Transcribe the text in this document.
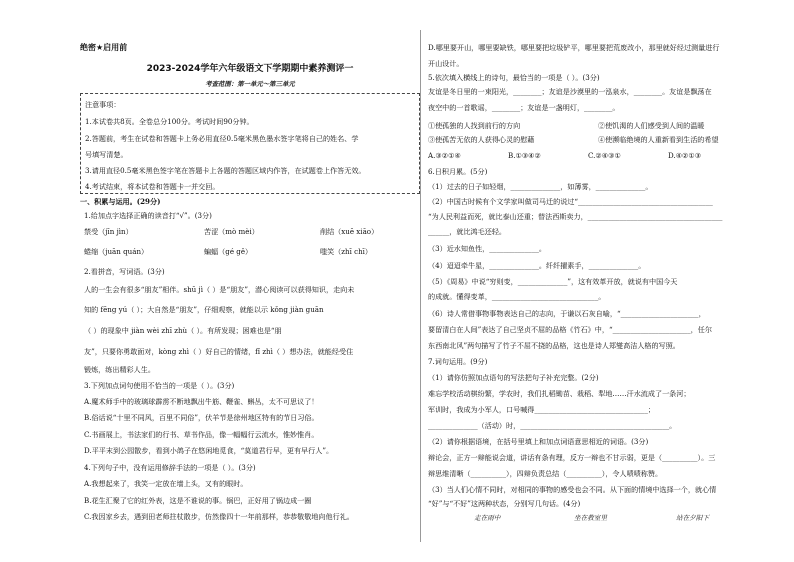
绝密★启用前
2023-2024学年六年级语文下学期期中素养测评一
考查范围：第一单元～第三单元
注意事项：
1.本试卷共8页。全卷总分100分。考试时间90分钟。
2.答题前，考生在试卷和答题卡上务必用直径0.5毫米黑色墨水签字笔将自己的姓名、学
号填写清楚。
3.请用直径0.5毫米黑色签字笔在答题卡上各题的答题区域内作答，在试题卷上作答无效。
4.考试结束，将本试卷和答题卡一并交回。
一、积累与运用。(29分)
1.给加点字选择正确的读音打“√”。(3分)
禁受（jīn jìn）	苦涩（mò mèi）	削结（xuē xiāo）
蜷缩（juān quán）	蝙蝠（gé gě）	嗤笑（zhī chī）
2.看拼音，写词语。(3分)
人的一生会有很多“朋友”相伴。shū jì（ ）是“朋友”，潜心阅读可以获得知识，走向未
知的 fēng yú（ ）；大自然是“朋友”，仔细观察，就能以示 kǒng jiàn guān
（ ）的现象中 jiàn wèi zhī zhù（ ）。有所发现；困难也是“朋
友”，只要你勇敢面对，kòng zhì（ ）好自己的情绪，fǐ zhì（ ）想办法，就能经受住
锻炼，练出精彩人生。
3.下列加点词句使用不恰当的一项是（ ）。(3分)
A.魔术师手中的玻璃球霹雳不断地飘出牛筋、鞭雀、蝌丛，太不可思议了！
B.俗话说“十里不同风，百里不同俗”，伏羊节是徐州地区特有的节日习俗。
C.书画展上，书法家们的行书、草书作品，像一幅幅行云流水，惟妙惟肖。
D.平平末到公园散步，看到小鸽子在悠闲地觅食，“莫道君行早，更有早行人”。
4.下列句子中，没有运用修辞手法的一项是（ ）。(3分)
A.我想起来了，我笑一定放在墙上头，又有的眼时。
B.花生汇聚了它的红外表，这是不谁说的事。锅巴，正好用了锅边成一圈
C.我因家乡去，遇到田老师拄杖散步，仿然像四十一年前那样，恭恭敬敬地向他行礼。
D.哪里要开山，哪里要缺铁，哪里要把垃圾铲平，哪里要把荒废改小，那里就好经过测量进行
开山设计。
5.依次填入横线上的诗句，最恰当的一项是（ ）。(3分)
友谊是冬日里的一束阳光，________；友谊是沙漠里的一泓泉水，________。友谊是飘荡在
夜空中的一首歌谣，________；友谊是一盏明灯，________。
①使孤独的人找到前行的方向	②使饥渴的人们感受到人间的温暖
③使孤苦无依的人获得心灵的慰藉	④使濒临绝境的人重新看到生活的希望
A.③②①④	B.①③④②	C.②④③①	D.④②①③
6.日积月累。(5分)
（1）过去的日子如轻烟，______________，如薄雾，______________。
（2）中国古时候有个文学家叫做司马迁的说过“______________________________________
“为人民利益而死，就比泰山还重；替法西斯卖力，______________________________________
______，就比鸿毛还轻。
（3）近水知鱼性，______________。
（4）迢迢牵牛星，______________。纤纤擢素手，______________。
（5）《周易》中说“穷则变，______________”，这有效革开放，就说有中国今天
的成就。懂得变革，______________________________。
（6）诗人常借事物事物表达自己的志向，于谦以石灰自喻，“______________________，
要留清白在人间”表达了自己坚贞不屈的品格《竹石》中，“______________________，任尔
东西南北风”两句描写了竹子不屈不挠的品格，这也是诗人郑燮高洁人格的写照。
7.词句运用。(9分)
（1）请你仿照加点语句的写法把句子补充完整。(2分)
难忘学校活动棋纷繁，学农时，我们扎稻锄苗、栽稻、犁地……汗水流成了一条河；
军训时，我成为小军人，口号喊得________________________________；
______________（活动）时，__________________________________________。
（2）请你根据语境，在括号里填上和加点词语意思相近的词语。(3分)
辩论会，正方一辩能说会道，讲话有条有理，反方一辩也不甘示弱，更是（__________）。三
辩思维清晰（__________），四辩负责总结（__________），令人啧啧称赞。
（3）当人们心情不同时，对相同的事物的感受也会不同。从下面的情境中选择一个，就心情
“好”与“不好”这两种状态，分别写几句话。(4分)
走在雨中	坐在教室里	站在夕阳下
